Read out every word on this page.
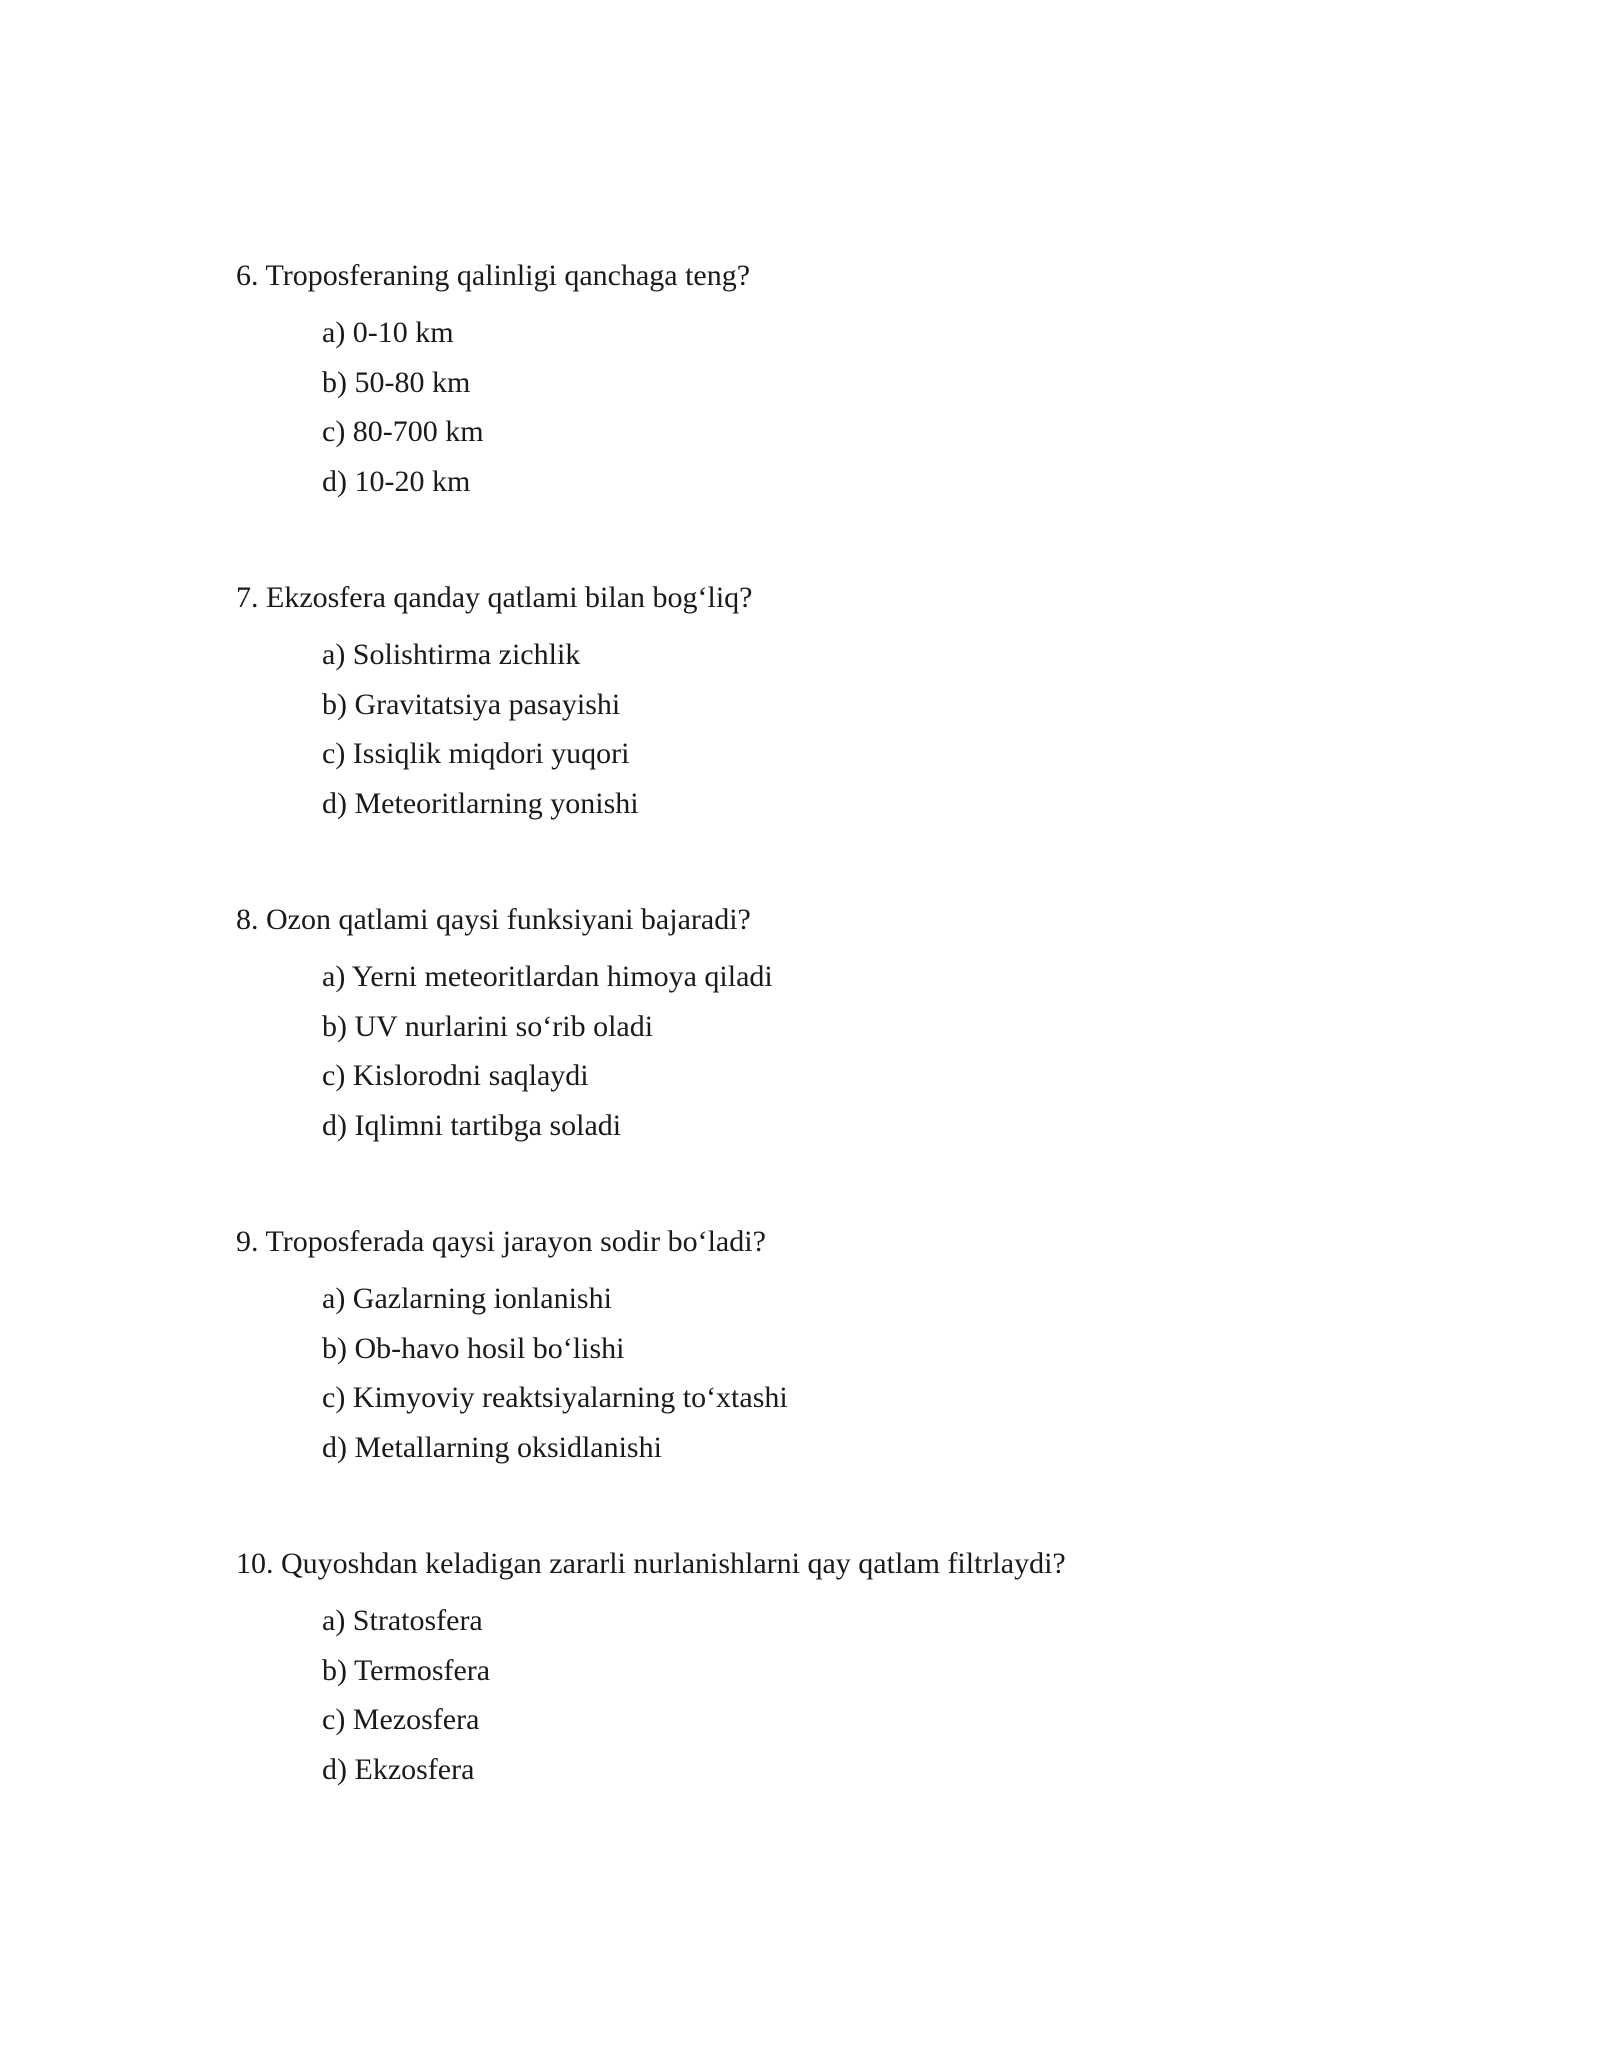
6. Troposferaning qalinligi qanchaga teng?

a) 0-10 km
b) 50-80 km
c) 80-700 km
d) 10-20 km

7. Ekzosfera qanday qatlami bilan bog‘liq?

a) Solishtirma zichlik
b) Gravitatsiya pasayishi
c) Issiqlik miqdori yuqori
d) Meteoritlarning yonishi

8. Ozon qatlami qaysi funksiyani bajaradi?

a) Yerni meteoritlardan himoya qiladi
b) UV nurlarini so‘rib oladi
c) Kislorodni saqlaydi
d) Iqlimni tartibga soladi

9. Troposferada qaysi jarayon sodir bo‘ladi?

a) Gazlarning ionlanishi
b) Ob-havo hosil bo‘lishi
c) Kimyoviy reaktsiyalarning to‘xtashi
d) Metallarning oksidlanishi

10. Quyoshdan keladigan zararli nurlanishlarni qay qatlam filtrlaydi?

a) Stratosfera
b) Termosfera
c) Mezosfera
d) Ekzosfera
